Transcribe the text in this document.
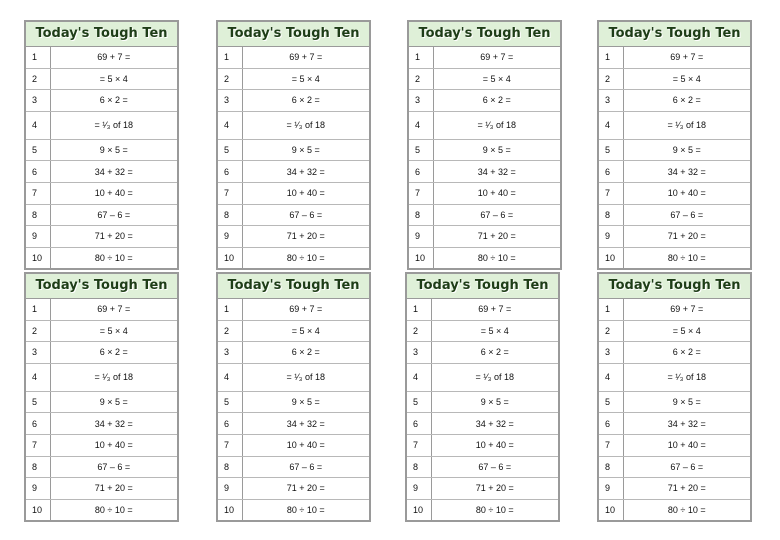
Today's Tough Ten
1	69 + 7 =
2	= 5 × 4
3	6 × 2 =
4	= ¹⁄₃ of 18
5	9 × 5 =
6	34 + 32 =
7	10 + 40 =
8	67 – 6 =
9	71 + 20 =
10	80 ÷ 10 =
Today's Tough Ten
1	69 + 7 =
2	= 5 × 4
3	6 × 2 =
4	= ¹⁄₃ of 18
5	9 × 5 =
6	34 + 32 =
7	10 + 40 =
8	67 – 6 =
9	71 + 20 =
10	80 ÷ 10 =
Today's Tough Ten
1	69 + 7 =
2	= 5 × 4
3	6 × 2 =
4	= ¹⁄₃ of 18
5	9 × 5 =
6	34 + 32 =
7	10 + 40 =
8	67 – 6 =
9	71 + 20 =
10	80 ÷ 10 =
Today's Tough Ten
1	69 + 7 =
2	= 5 × 4
3	6 × 2 =
4	= ¹⁄₃ of 18
5	9 × 5 =
6	34 + 32 =
7	10 + 40 =
8	67 – 6 =
9	71 + 20 =
10	80 ÷ 10 =
Today's Tough Ten
1	69 + 7 =
2	= 5 × 4
3	6 × 2 =
4	= ¹⁄₃ of 18
5	9 × 5 =
6	34 + 32 =
7	10 + 40 =
8	67 – 6 =
9	71 + 20 =
10	80 ÷ 10 =
Today's Tough Ten
1	69 + 7 =
2	= 5 × 4
3	6 × 2 =
4	= ¹⁄₃ of 18
5	9 × 5 =
6	34 + 32 =
7	10 + 40 =
8	67 – 6 =
9	71 + 20 =
10	80 ÷ 10 =
Today's Tough Ten
1	69 + 7 =
2	= 5 × 4
3	6 × 2 =
4	= ¹⁄₃ of 18
5	9 × 5 =
6	34 + 32 =
7	10 + 40 =
8	67 – 6 =
9	71 + 20 =
10	80 ÷ 10 =
Today's Tough Ten
1	69 + 7 =
2	= 5 × 4
3	6 × 2 =
4	= ¹⁄₃ of 18
5	9 × 5 =
6	34 + 32 =
7	10 + 40 =
8	67 – 6 =
9	71 + 20 =
10	80 ÷ 10 =
